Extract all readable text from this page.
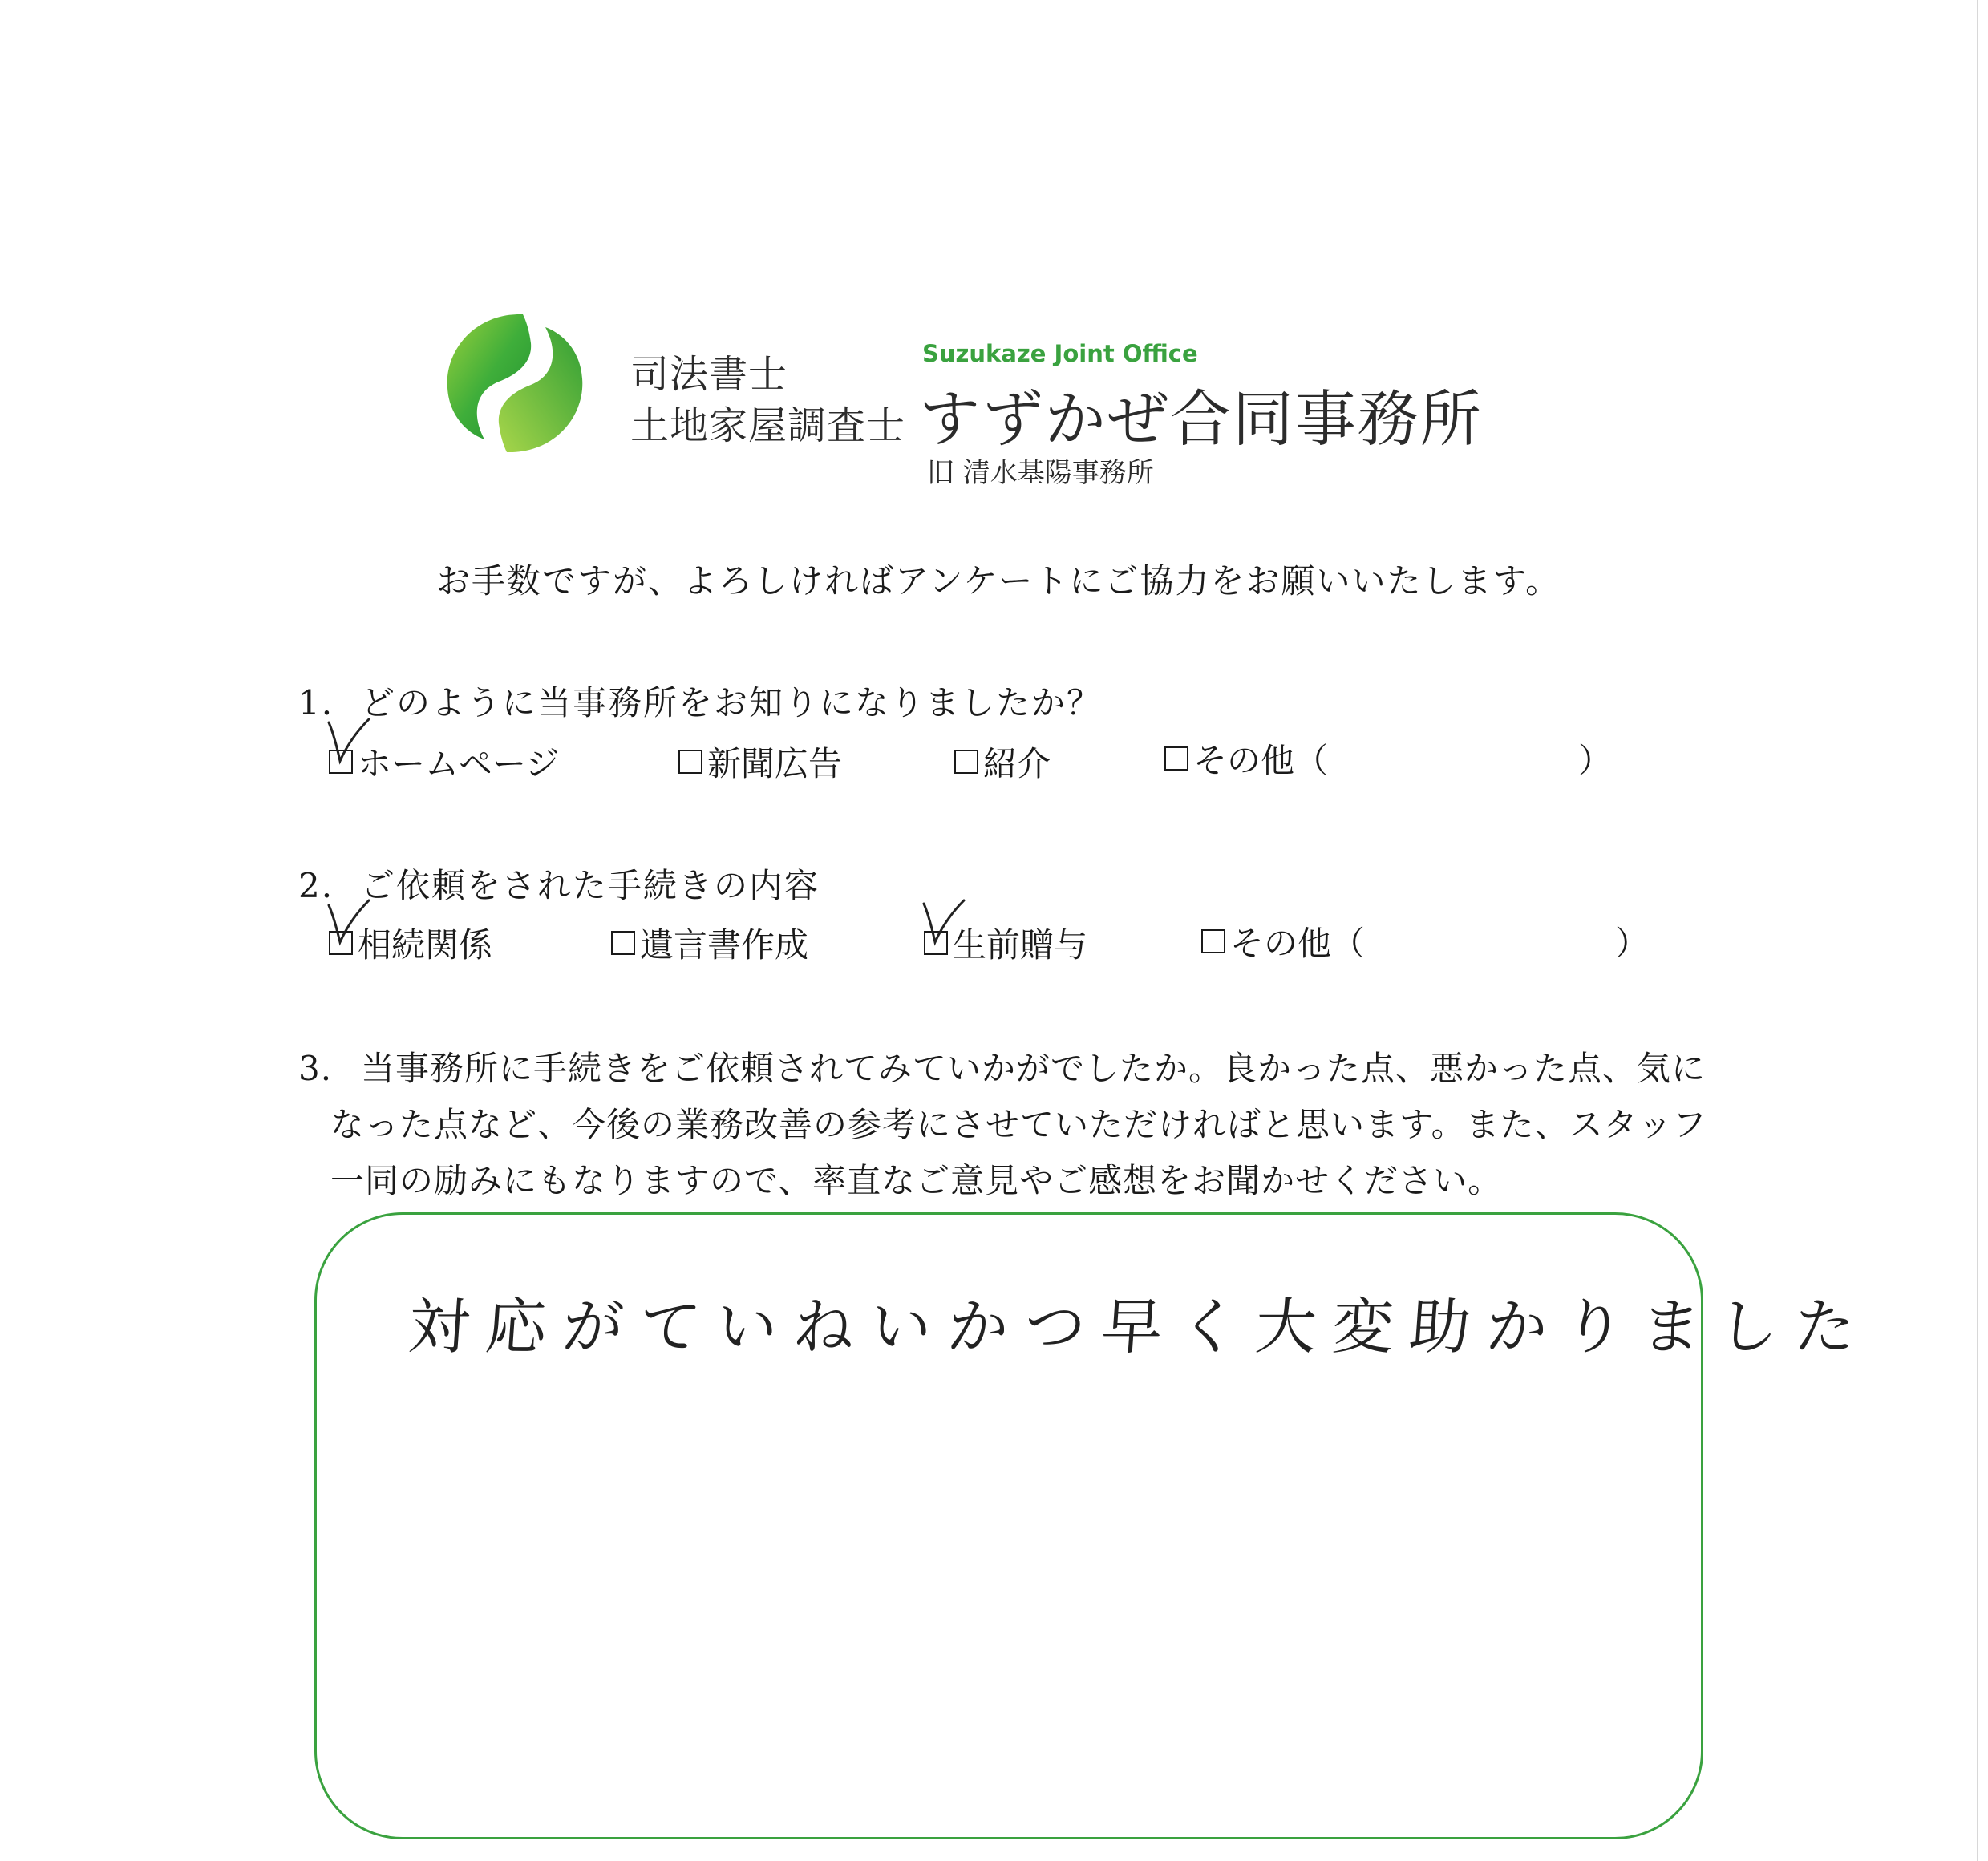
司法書士
土地家屋調査士
Suzukaze Joint Office
すずかぜ合同事務所
旧 清水基陽事務所
お手数ですが、よろしければアンケートにご協力をお願いいたします。
1. どのように当事務所をお知りになりましたか？
ホームページ	新聞広告	紹介	その他（	）
2. ご依頼をされた手続きの内容
相続関係	遺言書作成	生前贈与	その他（	）
3. 当事務所に手続きをご依頼されてみていかがでしたか。良かった点、悪かった点、気に
なった点など、今後の業務改善の参考にさせていただければと思います。また、スタッフ
一同の励みにもなりますので、率直なご意見やご感想をお聞かせください。
対応がていねいかつ早く大変助かりました
